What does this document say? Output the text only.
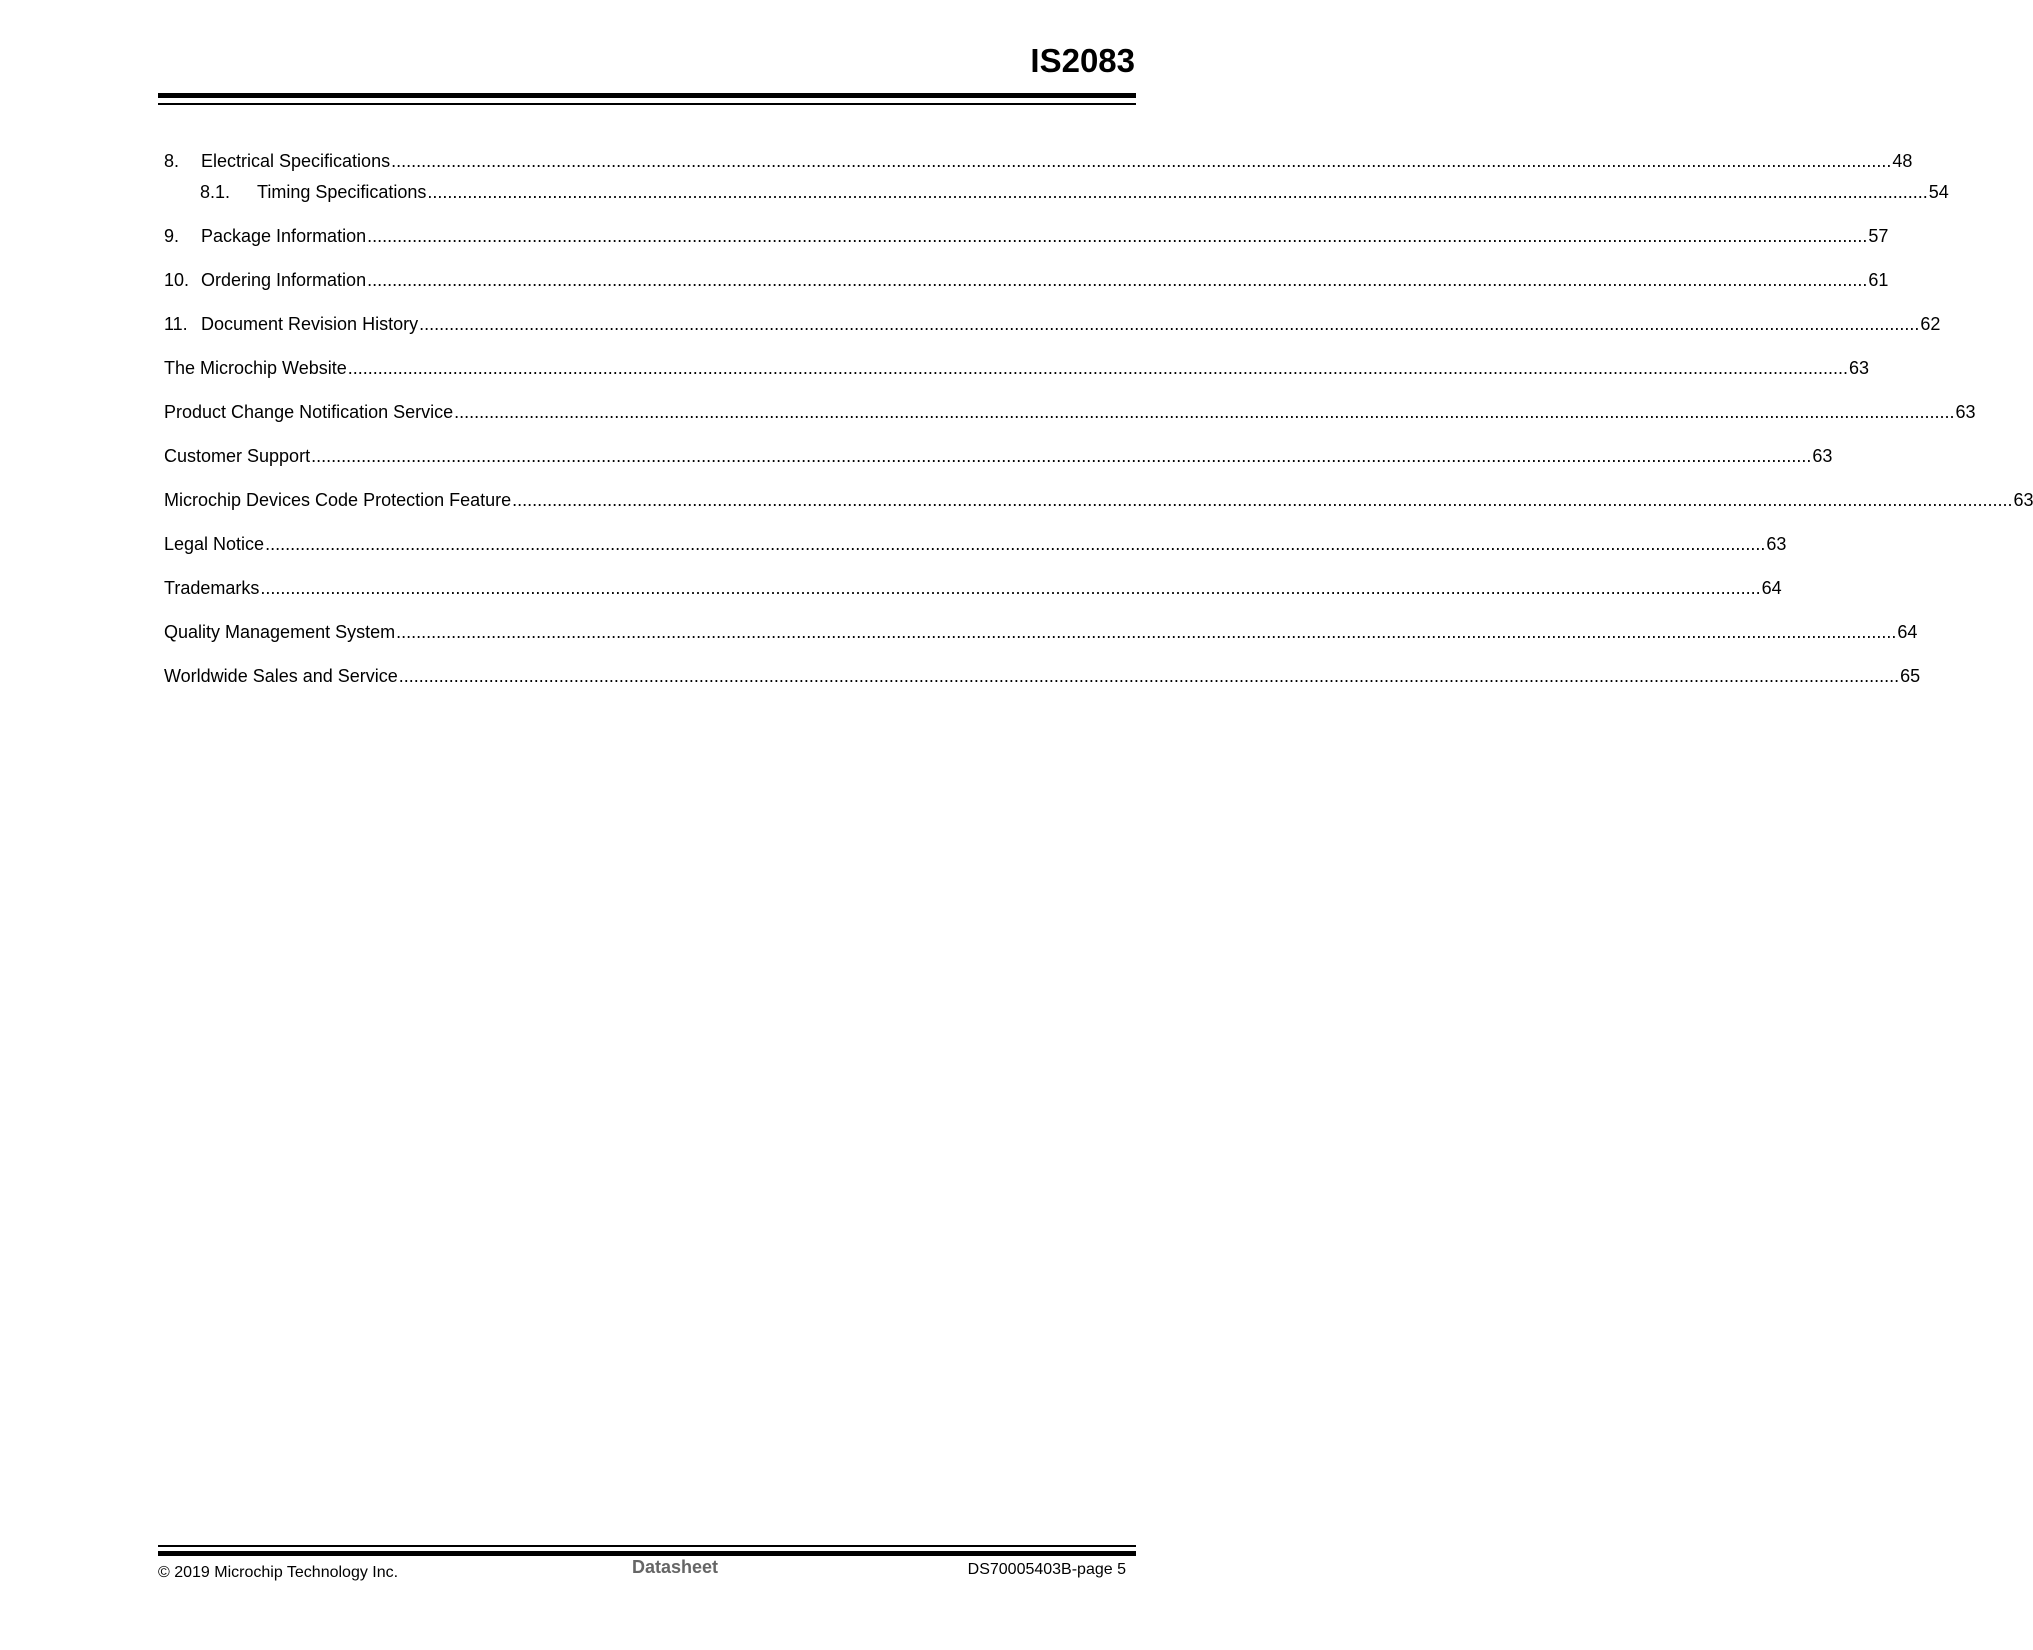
IS2083
8.	Electrical Specifications ............................................................................................................................................................................................................................................................................................................ 48
8.1.	Timing Specifications ............................................................................................................................................................................................................................................................................................................ 54
9.	Package Information ............................................................................................................................................................................................................................................................................................................ 57
10. Ordering Information ............................................................................................................................................................................................................................................................................................................ 61
11. Document Revision History ............................................................................................................................................................................................................................................................................................................ 62
The Microchip Website ............................................................................................................................................................................................................................................................................................................ 63
Product Change Notification Service ............................................................................................................................................................................................................................................................................................................ 63
Customer Support ............................................................................................................................................................................................................................................................................................................ 63
Microchip Devices Code Protection Feature ............................................................................................................................................................................................................................................................................................................ 63
Legal Notice ............................................................................................................................................................................................................................................................................................................ 63
Trademarks ............................................................................................................................................................................................................................................................................................................ 64
Quality Management System ............................................................................................................................................................................................................................................................................................................ 64
Worldwide Sales and Service ............................................................................................................................................................................................................................................................................................................ 65
© 2019 Microchip Technology Inc.	Datasheet	DS70005403B-page 5
